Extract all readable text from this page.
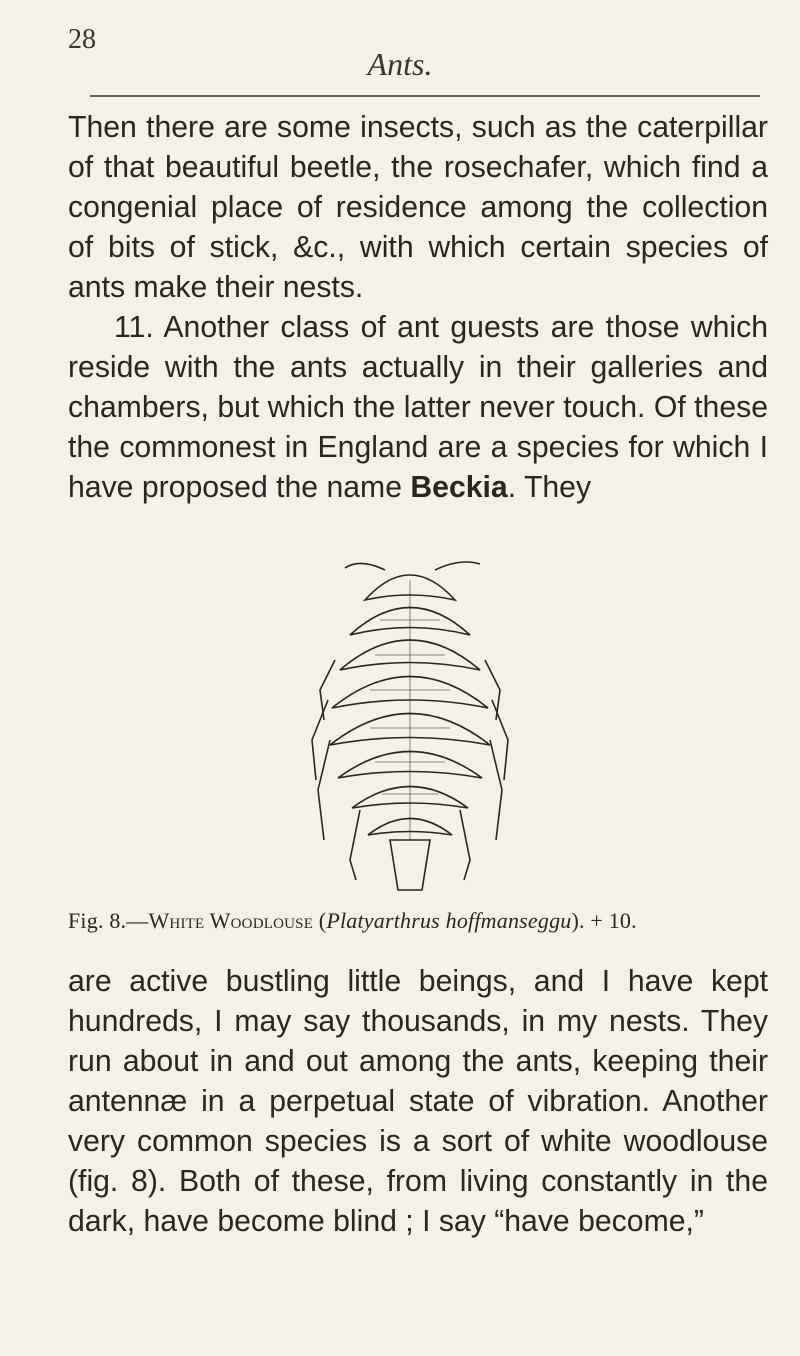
28
Ants.

Then there are some insects, such as the caterpillar of that beautiful beetle, the rosechafer, which find a congenial place of residence among the collection of bits of stick, &c., with which certain species of ants make their nests.

11. Another class of ant guests are those which reside with the ants actually in their galleries and chambers, but which the latter never touch. Of these the commonest in England are a species for which I have proposed the name Beckia. They

Fig. 8.—White Woodlouse (Platyarthrus hoffmanseggu). + 10.

are active bustling little beings, and I have kept hundreds, I may say thousands, in my nests. They run about in and out among the ants, keeping their antennæ in a perpetual state of vibration. Another very common species is a sort of white woodlouse (fig. 8). Both of these, from living constantly in the dark, have become blind ; I say “have become,”
